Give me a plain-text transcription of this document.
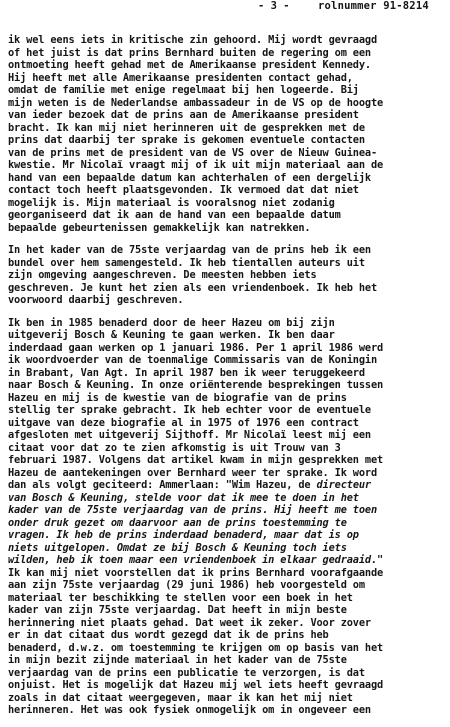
- 3 -	rolnummer 91-8214
ik wel eens iets in kritische zin gehoord. Mij wordt gevraagd
of het juist is dat prins Bernhard buiten de regering om een
ontmoeting heeft gehad met de Amerikaanse president Kennedy.
Hij heeft met alle Amerikaanse presidenten contact gehad,
omdat de familie met enige regelmaat bij hen logeerde. Bij
mijn weten is de Nederlandse ambassadeur in de VS op de hoogte
van ieder bezoek dat de prins aan de Amerikaanse president
bracht. Ik kan mij niet herinneren uit de gesprekken met de
prins dat daarbij ter sprake is gekomen eventuele contacten
van de prins met de president van de VS over de Nieuw Guinea-
kwestie. Mr Nicolaï vraagt mij of ik uit mijn materiaal aan de
hand van een bepaalde datum kan achterhalen of een dergelijk
contact toch heeft plaatsgevonden. Ik vermoed dat dat niet
mogelijk is. Mijn materiaal is vooralsnog niet zodanig
georganiseerd dat ik aan de hand van een bepaalde datum
bepaalde gebeurtenissen gemakkelijk kan natrekken.
In het kader van de 75ste verjaardag van de prins heb ik een
bundel over hem samengesteld. Ik heb tientallen auteurs uit
zijn omgeving aangeschreven. De meesten hebben iets
geschreven. Je kunt het zien als een vriendenboek. Ik heb het
voorwoord daarbij geschreven.
Ik ben in 1985 benaderd door de heer Hazeu om bij zijn
uitgeverij Bosch & Keuning te gaan werken. Ik ben daar
inderdaad gaan werken op 1 januari 1986. Per 1 april 1986 werd
ik woordvoerder van de toenmalige Commissaris van de Koningin
in Brabant, Van Agt. In april 1987 ben ik weer teruggekeerd
naar Bosch & Keuning. In onze oriënterende besprekingen tussen
Hazeu en mij is de kwestie van de biografie van de prins
stellig ter sprake gebracht. Ik heb echter voor de eventuele
uitgave van deze biografie al in 1975 of 1976 een contract
afgesloten met uitgeverij Sijthoff. Mr Nicolaï leest mij een
citaat voor dat zo te zien afkomstig is uit Trouw van 3
februari 1987. Volgens dat artikel kwam in mijn gesprekken met
Hazeu de aantekeningen over Bernhard weer ter sprake. Ik word
dan als volgt geciteerd: Ammerlaan: "Wim Hazeu, de directeur
van Bosch & Keuning, stelde voor dat ik mee te doen in het
kader van de 75ste verjaardag van de prins. Hij heeft me toen
onder druk gezet om daarvoor aan de prins toestemming te
vragen. Ik heb de prins inderdaad benaderd, maar dat is op
niets uitgelopen. Omdat ze bij Bosch & Keuning toch iets
wilden, heb ik toen maar een vriendenboek in elkaar gedraaid."
Ik kan mij niet voorstellen dat ik prins Bernhard voorafgaande
aan zijn 75ste verjaardag (29 juni 1986) heb voorgesteld om
materiaal ter beschikking te stellen voor een boek in het
kader van zijn 75ste verjaardag. Dat heeft in mijn beste
herinnering niet plaats gehad. Dat weet ik zeker. Voor zover
er in dat citaat dus wordt gezegd dat ik de prins heb
benaderd, d.w.z. om toestemming te krijgen om op basis van het
in mijn bezit zijnde materiaal in het kader van de 75ste
verjaardag van de prins een publicatie te verzorgen, is dat
onjuist. Het is mogelijk dat Hazeu mij wel iets heeft gevraagd
zoals in dat citaat weergegeven, maar ik kan het mij niet
herinneren. Het was ook fysiek onmogelijk om in ongeveer een
